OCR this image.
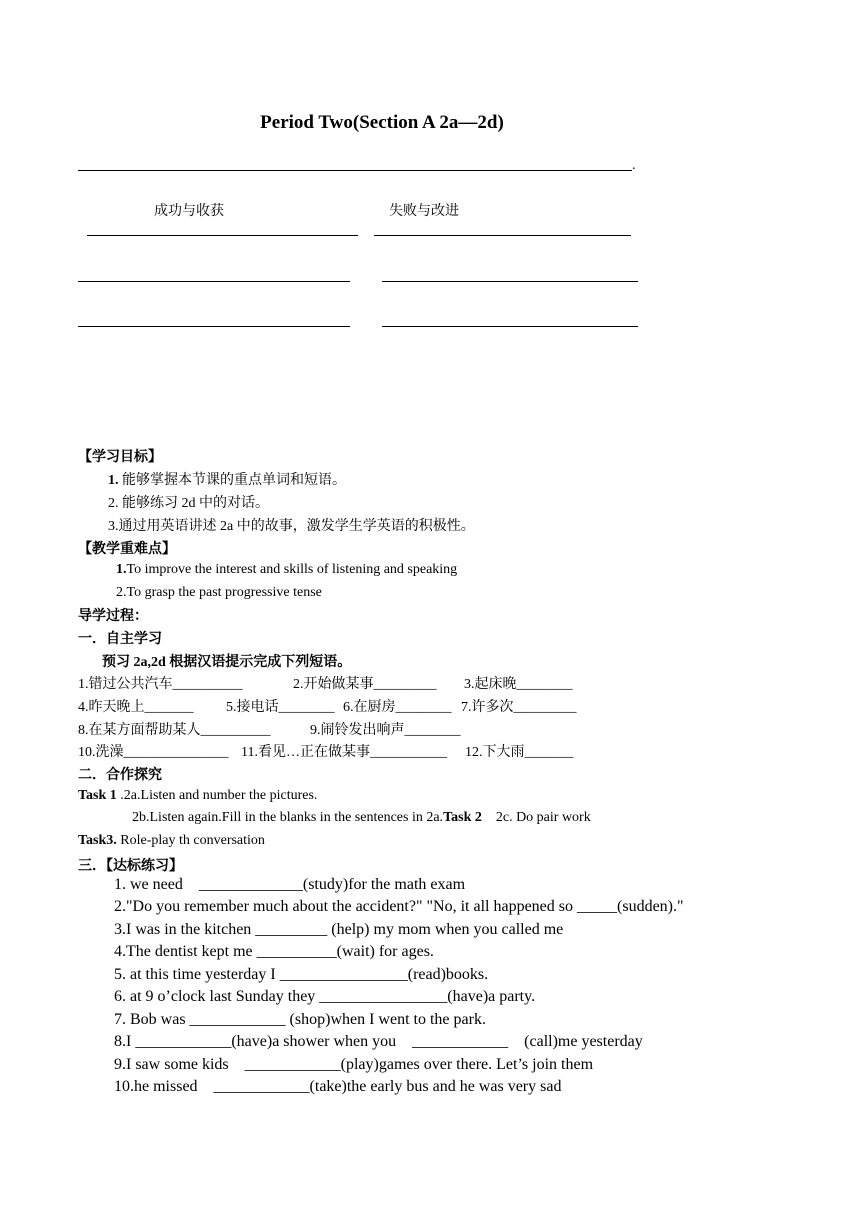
Period Two(Section A 2a—2d)
.
成功与收获	失败与改进
【学习目标】
1. 能够掌握本节课的重点单词和短语。
2. 能够练习 2d 中的对话。
3.通过用英语讲述 2a 中的故事，激发学生学英语的积极性。
【教学重难点】
1.To improve the interest and skills of listening and speaking
2.To grasp the past progressive tense
导学过程：
一．自主学习
预习 2a,2d 根据汉语提示完成下列短语。
1.错过公共汽车__________	2.开始做某事_________ 3.起床晚________
4.昨天晚上_______ 5.接电话________ 6.在厨房________ 7.许多次_________
8.在某方面帮助某人__________	9.闹铃发出响声________
10.洗澡_______________ 11.看见…正在做某事___________ 12.下大雨_______
二．合作探究
Task 1 .2a.Listen and number the pictures.
2b.Listen again.Fill in the blanks in the sentences in 2a.Task 2 2c. Do pair work
Task3. Role-play th conversation
三．【达标练习】
1. we need    _____________(study)for the math exam
2."Do you remember much about the accident?" "No, it all happened so _____(sudden)."
3.I was in the kitchen _________ (help) my mom when you called me
4.The dentist kept me __________(wait) for ages.
5. at this time yesterday I ________________(read)books.
6. at 9 o’clock last Sunday they ________________(have)a party.
7. Bob was ____________ (shop)when I went to the park.
8.I ____________(have)a shower when you    ____________    (call)me yesterday
9.I saw some kids    ____________(play)games over there. Let’s join them
10.he missed    ____________(take)the early bus and he was very sad
